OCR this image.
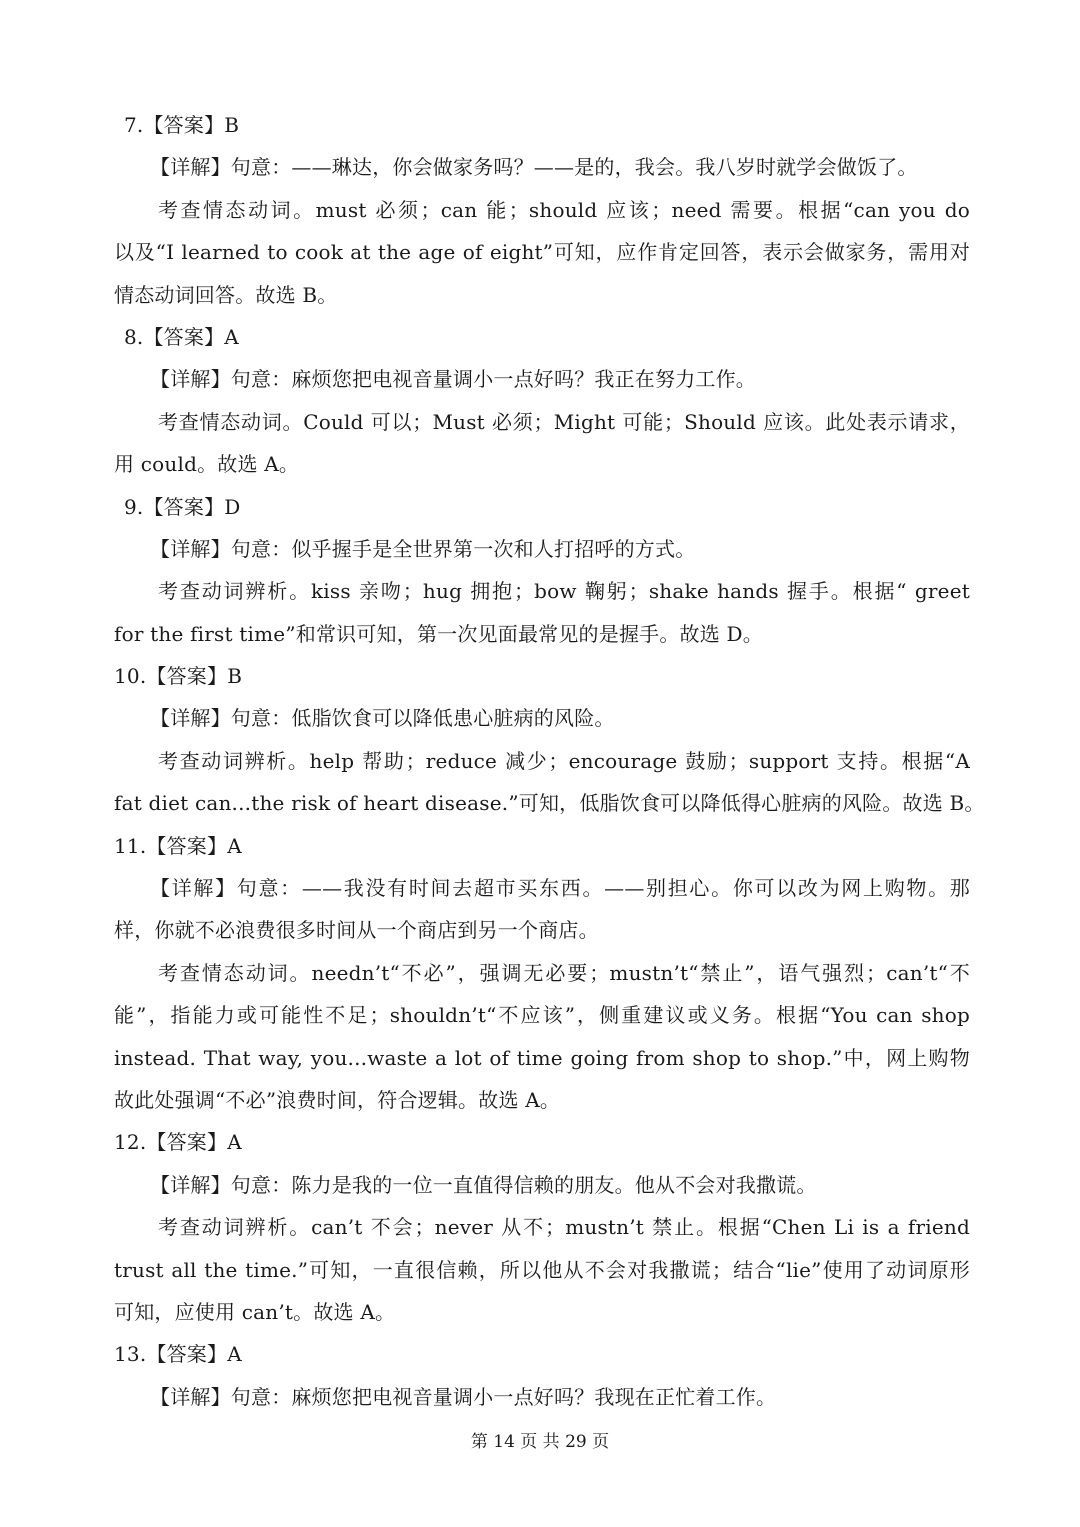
7.【答案】B
【详解】句意：——琳达，你会做家务吗？——是的，我会。我八岁时就学会做饭了。
考查情态动词。must 必须；can 能；should 应该；need 需要。根据“can you do
以及“I learned to cook at the age of eight”可知，应作肯定回答，表示会做家务，需用对
情态动词回答。故选 B。
8.【答案】A
【详解】句意：麻烦您把电视音量调小一点好吗？我正在努力工作。
考查情态动词。Could 可以；Must 必须；Might 可能；Should 应该。此处表示请求，
用 could。故选 A。
9.【答案】D
【详解】句意：似乎握手是全世界第一次和人打招呼的方式。
考查动词辨析。kiss 亲吻；hug 拥抱；bow 鞠躬；shake hands 握手。根据“ greet
for the first time”和常识可知，第一次见面最常见的是握手。故选 D。
10.【答案】B
【详解】句意：低脂饮食可以降低患心脏病的风险。
考查动词辨析。help 帮助；reduce 减少；encourage 鼓励；support 支持。根据“A
fat diet can...the risk of heart disease.”可知，低脂饮食可以降低得心脏病的风险。故选 B。
11.【答案】A
【详解】句意：——我没有时间去超市买东西。——别担心。你可以改为网上购物。那
样，你就不必浪费很多时间从一个商店到另一个商店。
考查情态动词。needn’t“不必”，强调无必要；mustn’t“禁止”，语气强烈；can’t“不
能”，指能力或可能性不足；shouldn’t“不应该”，侧重建议或义务。根据“You can shop
instead. That way, you...waste a lot of time going from shop to shop.”中，网上购物
故此处强调“不必”浪费时间，符合逻辑。故选 A。
12.【答案】A
【详解】句意：陈力是我的一位一直值得信赖的朋友。他从不会对我撒谎。
考查动词辨析。can’t 不会；never 从不；mustn’t 禁止。根据“Chen Li is a friend
trust all the time.”可知，一直很信赖，所以他从不会对我撒谎；结合“lie”使用了动词原形
可知，应使用 can’t。故选 A。
13.【答案】A
【详解】句意：麻烦您把电视音量调小一点好吗？我现在正忙着工作。
第 14 页 共 29 页
